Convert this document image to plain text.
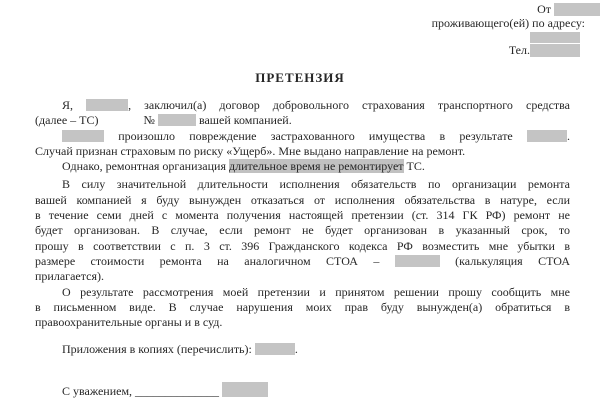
От
проживающего(ей) по адресу:
Тел.
ПРЕТЕНЗИЯ
Я,	, заключил(а) договор добровольного страхования транспортного средства
(далее – ТС)	№	вашей компанией.
произошло повреждение застрахованного имущества в результате	.
Случай признан страховым по риску «Ущерб». Мне выдано направление на ремонт.
Однако, ремонтная организация длительное время не ремонтирует ТС.
В силу значительной длительности исполнения обязательств по организации ремонта
вашей компанией я буду вынужден отказаться от исполнения обязательства в натуре, если
в течение семи дней с момента получения настоящей претензии (ст. 314 ГК РФ) ремонт не
будет организован. В случае, если ремонт не будет организован в указанный срок, то
прошу в соответствии с п. 3 ст. 396 Гражданского кодекса РФ возместить мне убытки в
размере стоимости ремонта на аналогичном СТОА –	(калькуляция СТОА
прилагается).
О результате рассмотрения моей претензии и принятом решении прошу сообщить мне
в письменном виде. В случае нарушения моих прав буду вынужден(а) обратиться в
правоохранительные органы и в суд.
Приложения в копиях (перечислить):	.
С уважением, ______________
